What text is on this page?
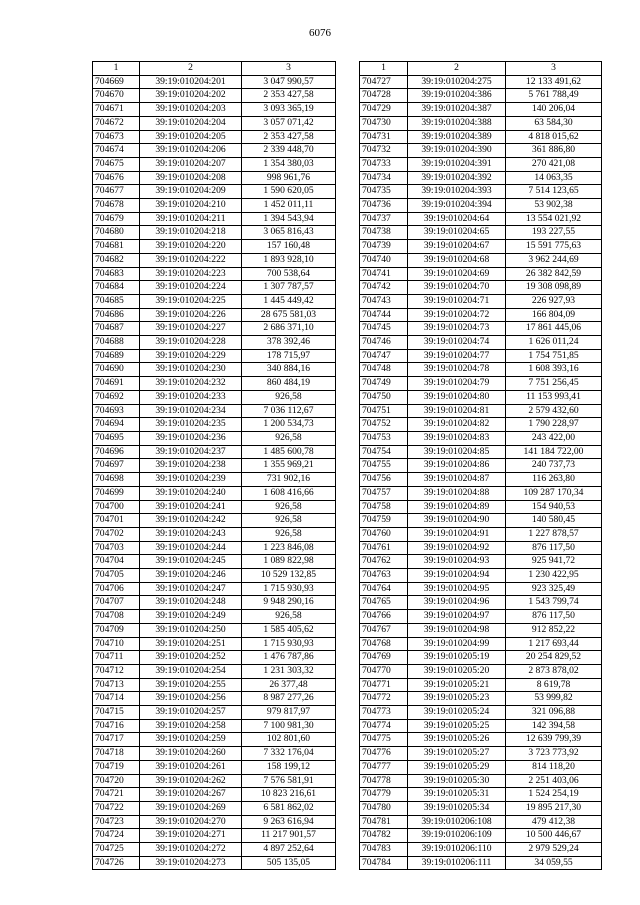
6076
1	2	3
704669	39:19:010204:201	3 047 990,57
704670	39:19:010204:202	2 353 427,58
704671	39:19:010204:203	3 093 365,19
704672	39:19:010204:204	3 057 071,42
704673	39:19:010204:205	2 353 427,58
704674	39:19:010204:206	2 339 448,70
704675	39:19:010204:207	1 354 380,03
704676	39:19:010204:208	998 961,76
704677	39:19:010204:209	1 590 620,05
704678	39:19:010204:210	1 452 011,11
704679	39:19:010204:211	1 394 543,94
704680	39:19:010204:218	3 065 816,43
704681	39:19:010204:220	157 160,48
704682	39:19:010204:222	1 893 928,10
704683	39:19:010204:223	700 538,64
704684	39:19:010204:224	1 307 787,57
704685	39:19:010204:225	1 445 449,42
704686	39:19:010204:226	28 675 581,03
704687	39:19:010204:227	2 686 371,10
704688	39:19:010204:228	378 392,46
704689	39:19:010204:229	178 715,97
704690	39:19:010204:230	340 884,16
704691	39:19:010204:232	860 484,19
704692	39:19:010204:233	926,58
704693	39:19:010204:234	7 036 112,67
704694	39:19:010204:235	1 200 534,73
704695	39:19:010204:236	926,58
704696	39:19:010204:237	1 485 600,78
704697	39:19:010204:238	1 355 969,21
704698	39:19:010204:239	731 902,16
704699	39:19:010204:240	1 608 416,66
704700	39:19:010204:241	926,58
704701	39:19:010204:242	926,58
704702	39:19:010204:243	926,58
704703	39:19:010204:244	1 223 846,08
704704	39:19:010204:245	1 089 822,98
704705	39:19:010204:246	10 529 132,85
704706	39:19:010204:247	1 715 930,93
704707	39:19:010204:248	9 948 290,16
704708	39:19:010204:249	926,58
704709	39:19:010204:250	1 585 405,62
704710	39:19:010204:251	1 715 930,93
704711	39:19:010204:252	1 476 787,86
704712	39:19:010204:254	1 231 303,32
704713	39:19:010204:255	26 377,48
704714	39:19:010204:256	8 987 277,26
704715	39:19:010204:257	979 817,97
704716	39:19:010204:258	7 100 981,30
704717	39:19:010204:259	102 801,60
704718	39:19:010204:260	7 332 176,04
704719	39:19:010204:261	158 199,12
704720	39:19:010204:262	7 576 581,91
704721	39:19:010204:267	10 823 216,61
704722	39:19:010204:269	6 581 862,02
704723	39:19:010204:270	9 263 616,94
704724	39:19:010204:271	11 217 901,57
704725	39:19:010204:272	4 897 252,64
704726	39:19:010204:273	505 135,05
1	2	3
704727	39:19:010204:275	12 133 491,62
704728	39:19:010204:386	5 761 788,49
704729	39:19:010204:387	140 206,04
704730	39:19:010204:388	63 584,30
704731	39:19:010204:389	4 818 015,62
704732	39:19:010204:390	361 886,80
704733	39:19:010204:391	270 421,08
704734	39:19:010204:392	14 063,35
704735	39:19:010204:393	7 514 123,65
704736	39:19:010204:394	53 902,38
704737	39:19:010204:64	13 554 021,92
704738	39:19:010204:65	193 227,55
704739	39:19:010204:67	15 591 775,63
704740	39:19:010204:68	3 962 244,69
704741	39:19:010204:69	26 382 842,59
704742	39:19:010204:70	19 308 098,89
704743	39:19:010204:71	226 927,93
704744	39:19:010204:72	166 804,09
704745	39:19:010204:73	17 861 445,06
704746	39:19:010204:74	1 626 011,24
704747	39:19:010204:77	1 754 751,85
704748	39:19:010204:78	1 608 393,16
704749	39:19:010204:79	7 751 256,45
704750	39:19:010204:80	11 153 993,41
704751	39:19:010204:81	2 579 432,60
704752	39:19:010204:82	1 790 228,97
704753	39:19:010204:83	243 422,00
704754	39:19:010204:85	141 184 722,00
704755	39:19:010204:86	240 737,73
704756	39:19:010204:87	116 263,80
704757	39:19:010204:88	109 287 170,34
704758	39:19:010204:89	154 940,53
704759	39:19:010204:90	140 580,45
704760	39:19:010204:91	1 227 878,57
704761	39:19:010204:92	876 117,50
704762	39:19:010204:93	925 941,72
704763	39:19:010204:94	1 230 422,95
704764	39:19:010204:95	923 325,49
704765	39:19:010204:96	1 543 799,74
704766	39:19:010204:97	876 117,50
704767	39:19:010204:98	912 852,22
704768	39:19:010204:99	1 217 693,44
704769	39:19:010205:19	20 254 829,52
704770	39:19:010205:20	2 873 878,02
704771	39:19:010205:21	8 619,78
704772	39:19:010205:23	53 999,82
704773	39:19:010205:24	321 096,88
704774	39:19:010205:25	142 394,58
704775	39:19:010205:26	12 639 799,39
704776	39:19:010205:27	3 723 773,92
704777	39:19:010205:29	814 118,20
704778	39:19:010205:30	2 251 403,06
704779	39:19:010205:31	1 524 254,19
704780	39:19:010205:34	19 895 217,30
704781	39:19:010206:108	479 412,38
704782	39:19:010206:109	10 500 446,67
704783	39:19:010206:110	2 979 529,24
704784	39:19:010206:111	34 059,55
